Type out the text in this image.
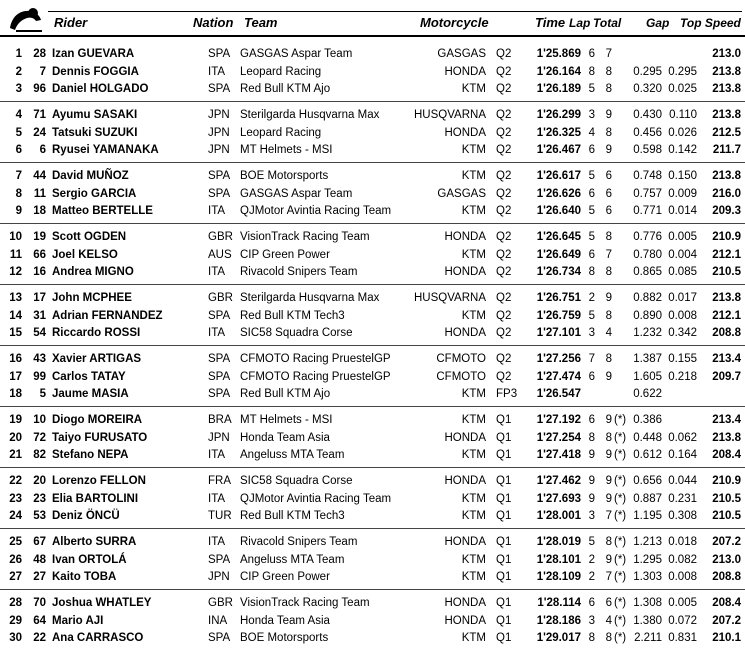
Rider	Nation Team	Motorcycle	Time Lap Total Gap Top Speed
1 28 Izan GUEVARA	SPA GASGAS Aspar Team	GASGAS Q2	1'25.869 6 7	213.0
2	7 Dennis FOGGIA	ITA Leopard Racing	HONDA Q2	1'26.164 8 8	0.295 0.295	213.8
3 96 Daniel HOLGADO	SPA Red Bull KTM Ajo	KTM Q2	1'26.189 5 8	0.320 0.025	213.8
4 71 Ayumu SASAKI	JPN Sterilgarda Husqvarna Max	HUSQVARNA Q2	1'26.299 3 9	0.430 0.110	213.8
5 24 Tatsuki SUZUKI	JPN Leopard Racing	HONDA Q2	1'26.325 4 8	0.456 0.026	212.5
6	6 Ryusei YAMANAKA	JPN MT Helmets - MSI	KTM Q2	1'26.467 6 9	0.598 0.142	211.7
7 44 David MUÑOZ	SPA BOE Motorsports	KTM Q2	1'26.617 5 6	0.748 0.150	213.8
8	11 Sergio GARCIA	SPA GASGAS Aspar Team	GASGAS Q2	1'26.626 6 6	0.757 0.009	216.0
9 18 Matteo BERTELLE	ITA QJMotor Avintia Racing Team	KTM Q2	1'26.640 5 6	0.771 0.014	209.3
10 19 Scott OGDEN	GBR VisionTrack Racing Team	HONDA Q2	1'26.645 5 8	0.776 0.005	210.9
11 66 Joel KELSO	AUS CIP Green Power	KTM Q2	1'26.649 6 7	0.780 0.004	212.1
12 16 Andrea MIGNO	ITA Rivacold Snipers Team	HONDA Q2	1'26.734 8 8	0.865 0.085	210.5
13 17 John MCPHEE	GBR Sterilgarda Husqvarna Max	HUSQVARNA Q2	1'26.751 2 9	0.882 0.017	213.8
14 31 Adrian FERNANDEZ	SPA Red Bull KTM Tech3	KTM Q2	1'26.759 5 8	0.890 0.008	212.1
15 54 Riccardo ROSSI	ITA SIC58 Squadra Corse	HONDA Q2	1'27.101 3 4	1.232 0.342	208.8
16 43 Xavier ARTIGAS	SPA CFMOTO Racing PruestelGP	CFMOTO Q2	1'27.256 7 8	1.387 0.155	213.4
17 99 Carlos TATAY	SPA CFMOTO Racing PruestelGP	CFMOTO Q2	1'27.474 6 9	1.605 0.218	209.7
18	5 Jaume MASIA	SPA Red Bull KTM Ajo	KTM FP3	1'26.547	0.622
19 10 Diogo MOREIRA	BRA MT Helmets - MSI	KTM Q1	1'27.192 6 9 (*) 0.386	213.4
20 72 Taiyo FURUSATO	JPN Honda Team Asia	HONDA Q1	1'27.254 8 8 (*) 0.448 0.062	213.8
21 82 Stefano NEPA	ITA Angeluss MTA Team	KTM Q1	1'27.418 9 9 (*) 0.612 0.164	208.4
22 20 Lorenzo FELLON	FRA SIC58 Squadra Corse	HONDA Q1	1'27.462 9 9 (*) 0.656 0.044	210.9
23 23 Elia BARTOLINI	ITA QJMotor Avintia Racing Team	KTM Q1	1'27.693 9 9 (*) 0.887 0.231	210.5
24 53 Deniz ÖNCÜ	TUR Red Bull KTM Tech3	KTM Q1	1'28.001 3 7 (*) 1.195 0.308	210.5
25 67 Alberto SURRA	ITA Rivacold Snipers Team	HONDA Q1	1'28.019 5 8 (*) 1.213 0.018	207.2
26 48 Ivan ORTOLÁ	SPA Angeluss MTA Team	KTM Q1	1'28.101 2 9 (*) 1.295 0.082	213.0
27 27 Kaito TOBA	JPN CIP Green Power	KTM Q1	1'28.109 2 7 (*) 1.303 0.008	208.8
28 70 Joshua WHATLEY	GBR VisionTrack Racing Team	HONDA Q1	1'28.114 6 6 (*) 1.308 0.005	208.4
29 64 Mario AJI	INA Honda Team Asia	HONDA Q1	1'28.186 3 4 (*) 1.380 0.072	207.2
30 22 Ana CARRASCO	SPA BOE Motorsports	KTM Q1	1'29.017 8 8 (*) 2.211 0.831	210.1
